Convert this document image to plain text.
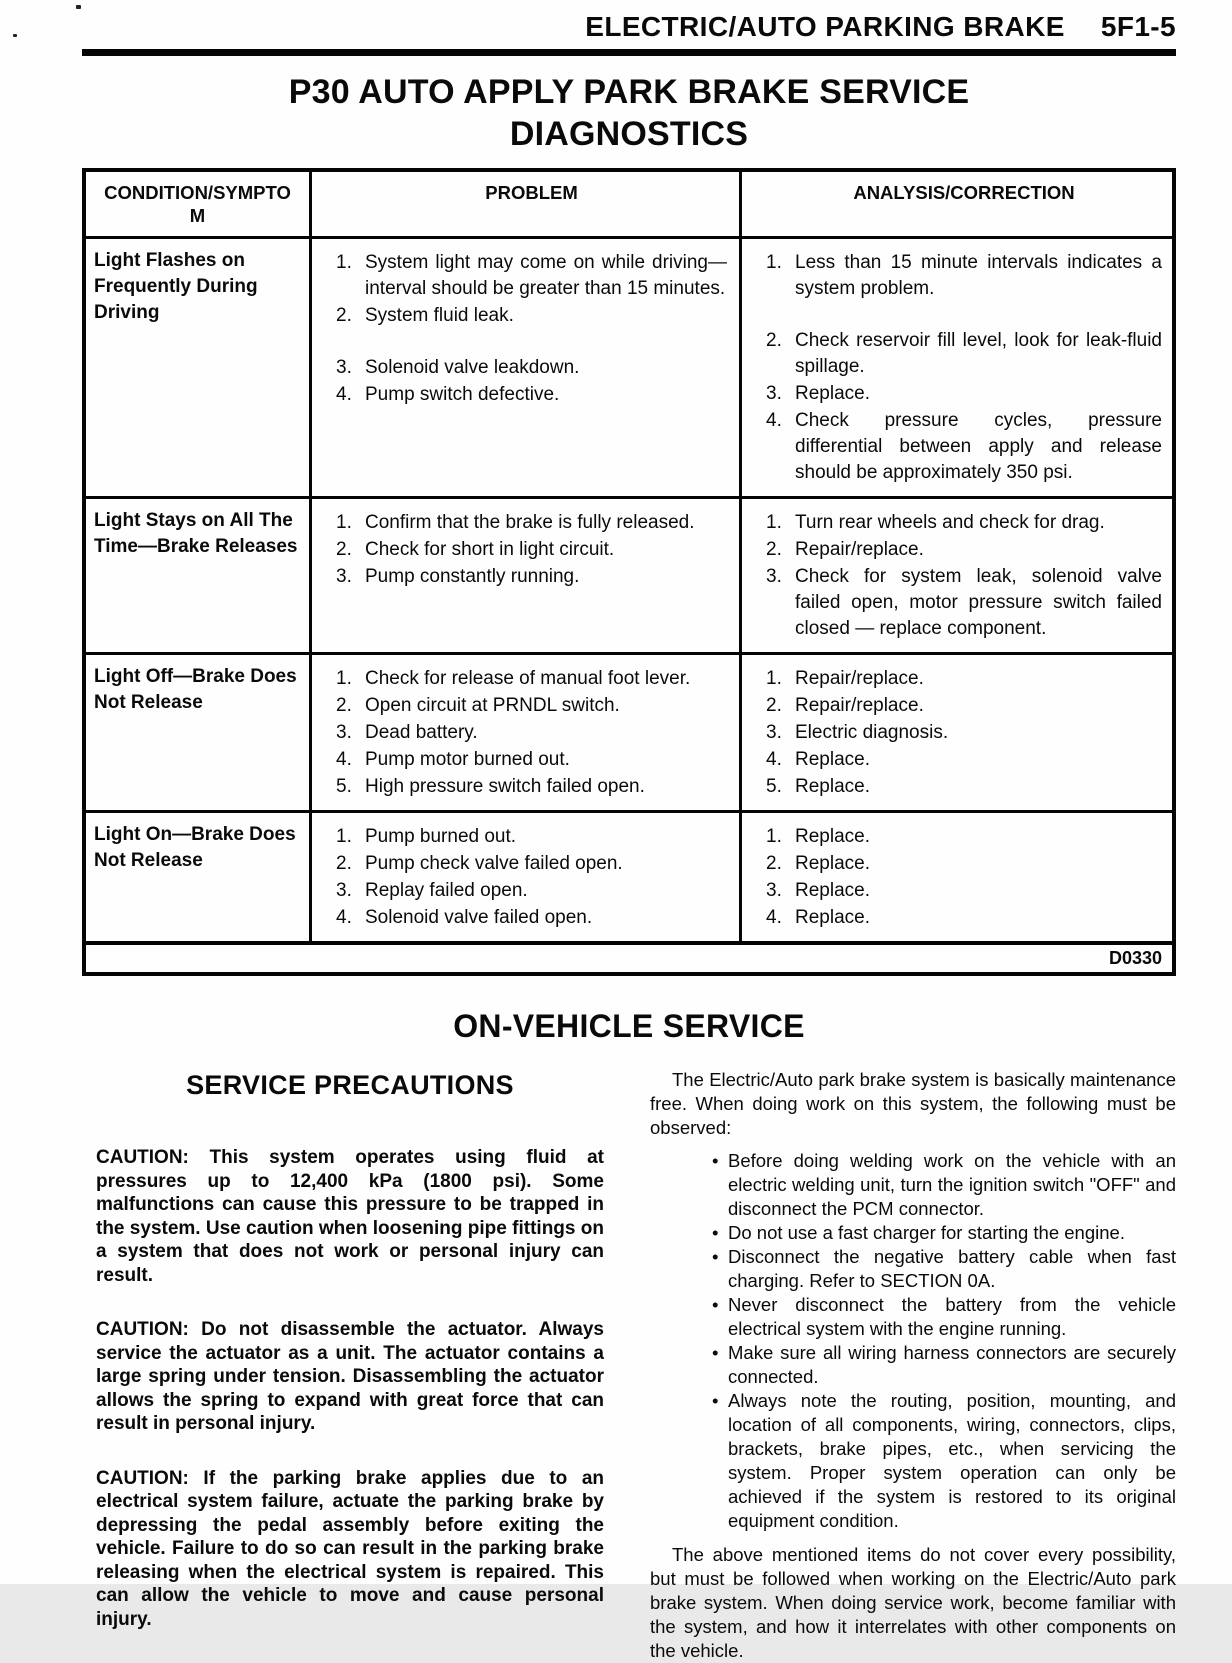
ELECTRIC/AUTO PARKING BRAKE 5F1-5
P30 AUTO APPLY PARK BRAKE SERVICE
DIAGNOSTICS
CONDITION/SYMPTO
M
PROBLEM	ANALYSIS/CORRECTION
Light Flashes on Frequently During Driving
1. System light may come on while driving—interval should be greater than 15 minutes.
2. System fluid leak.
3. Solenoid valve leakdown.
4. Pump switch defective.
1. Less than 15 minute intervals indicates a system problem.
2. Check reservoir fill level, look for leak-fluid spillage.
3. Replace.
4. Check pressure cycles, pressure differential between apply and release should be approximately 350 psi.
Light Stays on All The Time—Brake Releases
1. Confirm that the brake is fully released.
2. Check for short in light circuit.
3. Pump constantly running.
1. Turn rear wheels and check for drag.
2. Repair/replace.
3. Check for system leak, solenoid valve failed open, motor pressure switch failed closed — replace component.
Light Off—Brake Does Not Release
1. Check for release of manual foot lever.
2. Open circuit at PRNDL switch.
3. Dead battery.
4. Pump motor burned out.
5. High pressure switch failed open.
1. Repair/replace.
2. Repair/replace.
3. Electric diagnosis.
4. Replace.
5. Replace.
Light On—Brake Does Not Release
1. Pump burned out.
2. Pump check valve failed open.
3. Replay failed open.
4. Solenoid valve failed open.
1. Replace.
2. Replace.
3. Replace.
4. Replace.
D0330
ON-VEHICLE SERVICE
SERVICE PRECAUTIONS

CAUTION: This system operates using fluid at pressures up to 12,400 kPa (1800 psi). Some malfunctions can cause this pressure to be trapped in the system. Use caution when loosening pipe fittings on a system that does not work or personal injury can result.

CAUTION: Do not disassemble the actuator. Always service the actuator as a unit. The actuator contains a large spring under tension. Disassembling the actuator allows the spring to expand with great force that can result in personal injury.

CAUTION: If the parking brake applies due to an electrical system failure, actuate the parking brake by depressing the pedal assembly before exiting the vehicle. Failure to do so can result in the parking brake releasing when the electrical system is repaired. This can allow the vehicle to move and cause personal injury.

The Electric/Auto park brake system is basically maintenance free. When doing work on this system, the following must be observed:

• Before doing welding work on the vehicle with an electric welding unit, turn the ignition switch "OFF" and disconnect the PCM connector.
• Do not use a fast charger for starting the engine.
• Disconnect the negative battery cable when fast charging. Refer to SECTION 0A.
• Never disconnect the battery from the vehicle electrical system with the engine running.
• Make sure all wiring harness connectors are securely connected.
• Always note the routing, position, mounting, and location of all components, wiring, connectors, clips, brackets, brake pipes, etc., when servicing the system. Proper system operation can only be achieved if the system is restored to its original equipment condition.

The above mentioned items do not cover every possibility, but must be followed when working on the Electric/Auto park brake system. When doing service work, become familiar with the system, and how it interrelates with other components on the vehicle.
